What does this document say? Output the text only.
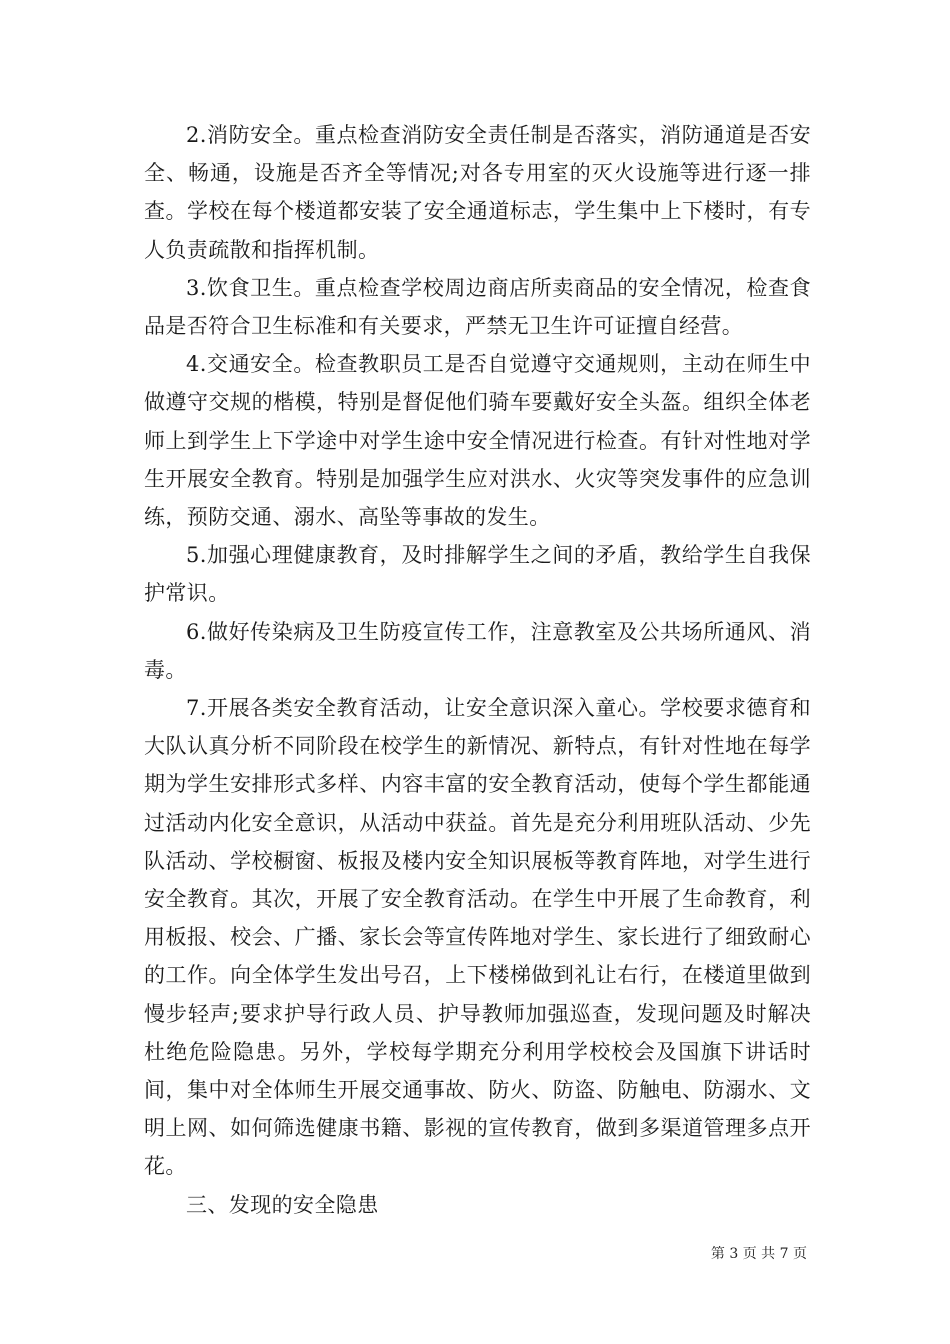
2.消防安全。重点检查消防安全责任制是否落实，消防通道是否安全、畅通，设施是否齐全等情况;对各专用室的灭火设施等进行逐一排查。学校在每个楼道都安装了安全通道标志，学生集中上下楼时，有专人负责疏散和指挥机制。

3.饮食卫生。重点检查学校周边商店所卖商品的安全情况，检查食品是否符合卫生标准和有关要求，严禁无卫生许可证擅自经营。

4.交通安全。检查教职员工是否自觉遵守交通规则，主动在师生中做遵守交规的楷模，特别是督促他们骑车要戴好安全头盔。组织全体老师上到学生上下学途中对学生途中安全情况进行检查。有针对性地对学生开展安全教育。特别是加强学生应对洪水、火灾等突发事件的应急训练，预防交通、溺水、高坠等事故的发生。

5.加强心理健康教育，及时排解学生之间的矛盾，教给学生自我保护常识。

6.做好传染病及卫生防疫宣传工作，注意教室及公共场所通风、消毒。

7.开展各类安全教育活动，让安全意识深入童心。学校要求德育和大队认真分析不同阶段在校学生的新情况、新特点，有针对性地在每学期为学生安排形式多样、内容丰富的安全教育活动，使每个学生都能通过活动内化安全意识，从活动中获益。首先是充分利用班队活动、少先队活动、学校橱窗、板报及楼内安全知识展板等教育阵地，对学生进行安全教育。其次，开展了安全教育活动。在学生中开展了生命教育，利用板报、校会、广播、家长会等宣传阵地对学生、家长进行了细致耐心的工作。向全体学生发出号召，上下楼梯做到礼让右行，在楼道里做到慢步轻声;要求护导行政人员、护导教师加强巡查，发现问题及时解决杜绝危险隐患。另外，学校每学期充分利用学校校会及国旗下讲话时间，集中对全体师生开展交通事故、防火、防盗、防触电、防溺水、文明上网、如何筛选健康书籍、影视的宣传教育，做到多渠道管理多点开花。

三、发现的安全隐患

第 3 页 共 7 页
